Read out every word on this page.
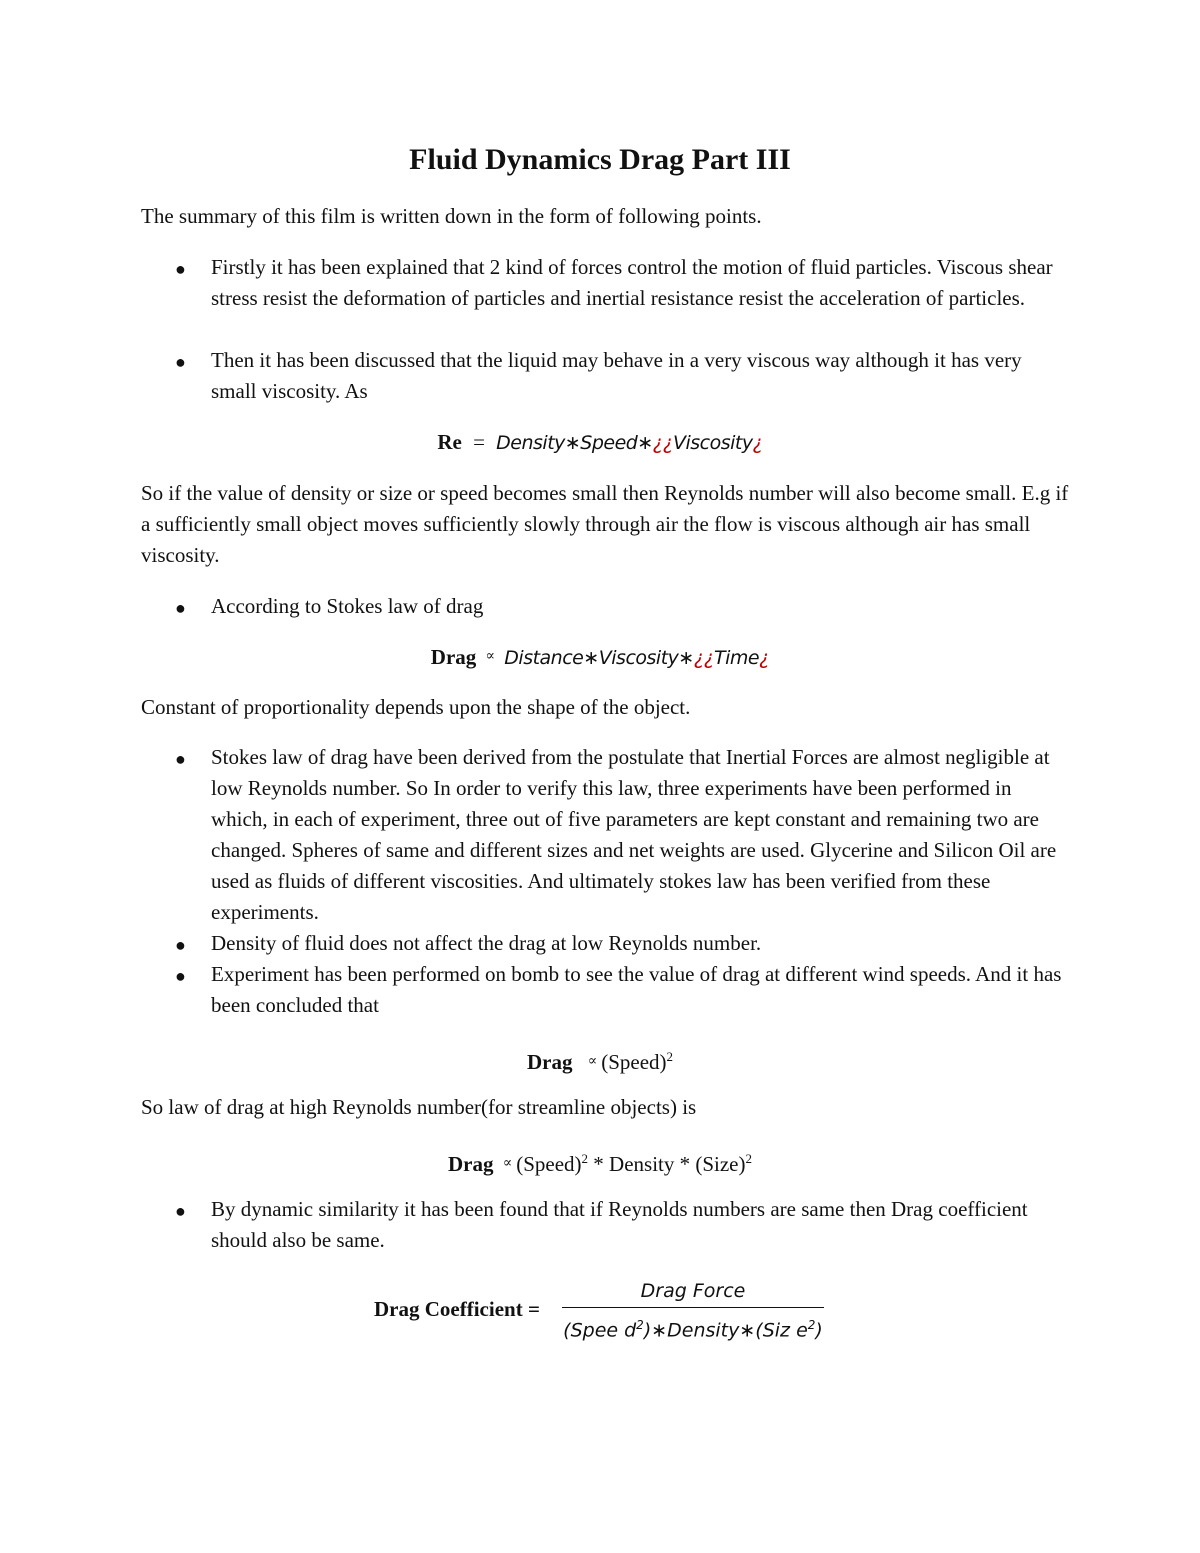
Fluid Dynamics Drag Part III
The summary of this film is written down in the form of following points.
● Firstly it has been explained that 2 kind of forces control the motion of fluid particles. Viscous shear stress resist the deformation of particles and inertial resistance resist the acceleration of particles.
● Then it has been discussed that the liquid may behave in a very viscous way although it has very small viscosity. As
Re = Density∗Speed∗¿¿Viscosity¿
So if the value of density or size or speed becomes small then Reynolds number will also become small. E.g if a sufficiently small object moves sufficiently slowly through air the flow is viscous although air has small viscosity.
● According to Stokes law of drag
Drag ∝ Distance∗Viscosity∗¿¿Time¿
Constant of proportionality depends upon the shape of the object.
● Stokes law of drag have been derived from the postulate that Inertial Forces are almost negligible at low Reynolds number. So In order to verify this law, three experiments have been performed in which, in each of experiment, three out of five parameters are kept constant and remaining two are changed. Spheres of same and different sizes and net weights are used. Glycerine and Silicon Oil are used as fluids of different viscosities. And ultimately stokes law has been verified from these experiments.
● Density of fluid does not affect the drag at low Reynolds number.
● Experiment has been performed on bomb to see the value of drag at different wind speeds. And it has been concluded that
Drag ∝ (Speed)$^2$
So law of drag at high Reynolds number(for streamline objects) is
Drag ∝ (Speed)$^2$ * Density * (Size)$^2$
● By dynamic similarity it has been found that if Reynolds numbers are same then Drag coefficient should also be same.
Drag Coefficient =
Drag Force
(Spee $d^2)∗Density∗(Siz$ $e^2$)
